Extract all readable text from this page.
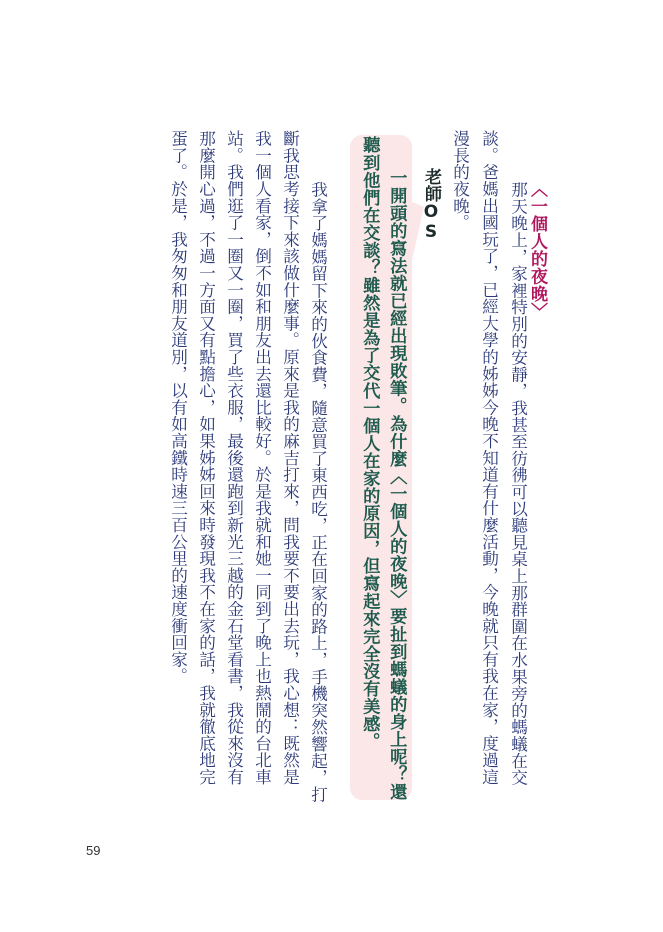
〈一個人的夜晚〉
那天晚上，家裡特別的安靜，我甚至彷彿可以聽見桌上那群圍在水果旁的螞蟻在交
談。爸媽出國玩了，已經大學的姊姊今晚不知道有什麼活動，今晚就只有我在家，度過這
漫長的夜晚。
老師OS
一開頭的寫法就已經出現敗筆。為什麼〈一個人的夜晚〉要扯到螞蟻的身上呢？還
聽到他們在交談？雖然是為了交代一個人在家的原因，但寫起來完全沒有美感。
我拿了媽媽留下來的伙食費，隨意買了東西吃，正在回家的路上，手機突然響起，打
斷我思考接下來該做什麼事。原來是我的麻吉打來，問我要不要出去玩，我心想：既然是
我一個人看家，倒不如和朋友出去還比較好。於是我就和她一同到了晚上也熱鬧的台北車
站。我們逛了一圈又一圈，買了些衣服，最後還跑到新光三越的金石堂看書，我從來沒有
那麼開心過，不過一方面又有點擔心，如果姊姊回來時發現我不在家的話，我就徹底地完
蛋了。於是，我匆匆和朋友道別，以有如高鐵時速三百公里的速度衝回家。
59
